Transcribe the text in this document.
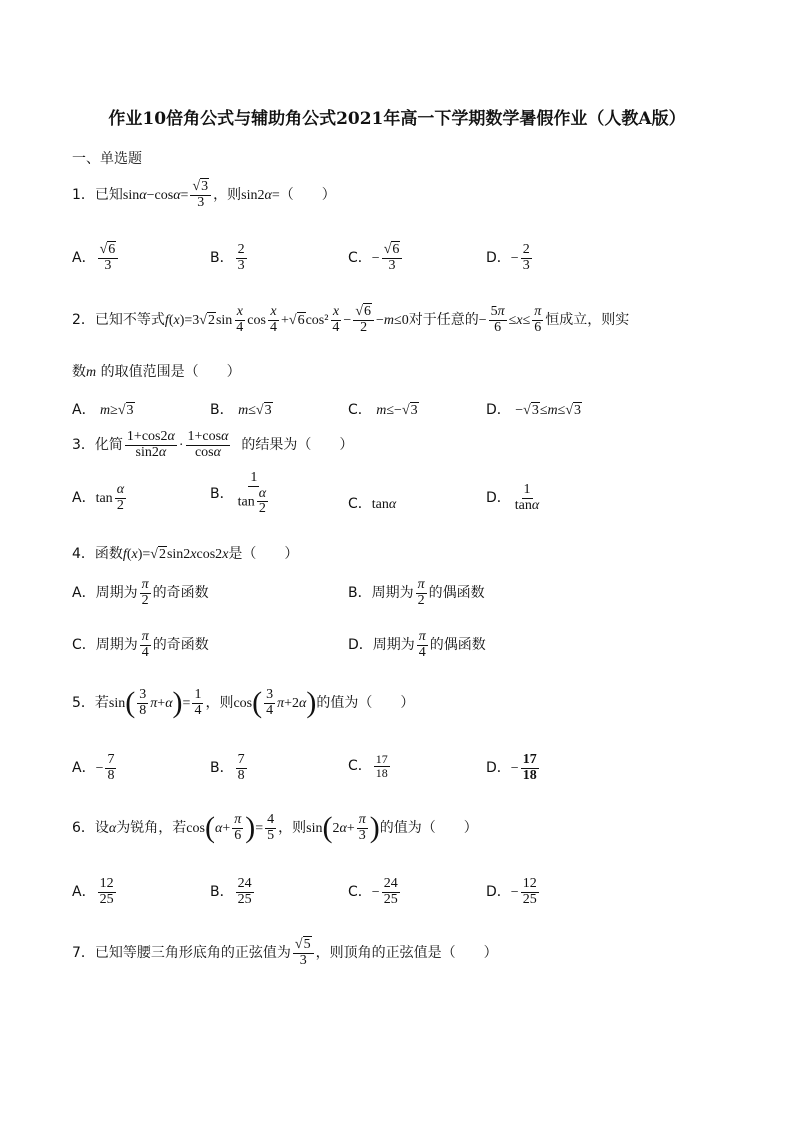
作业10倍角公式与辅助角公式2021年高一下学期数学暑假作业（人教A版）
一、单选题
1．已知$\sin\alpha-\cos\alpha= \frac{√3}{3}$ ，则sin2α=（　　）
A． $\frac{√6}{3}$	B． $\frac{2}{3}$	C．− $\frac{√6}{3}$	D．− $\frac{2}{3}$
2．已知不等式$f(x)=3√2\sin \frac{x}{4}$ $\cos \frac{x}{4} +√6\cos^2 \frac{x}{4} - \frac{√6}{2} -m\le 0$对于任意的− $\frac{5\pi}{6} \le x\le \frac{\pi}{6}$ 恒成立，则实
数m 的取值范围是（　　）
A． m≥√3	B． m≤√3	C． m≤−√3	D． −√3≤m≤√3
3．化简 $\frac{1+\cos 2\alpha}{\sin 2\alpha} \cdot \frac{1+\cos\alpha}{\cos\alpha}$ 的结果为（　　）
A．$\tan \frac{\alpha}{2}$	B． $\frac{1}{\tan \frac{\alpha}{2}}$	C．tanα	D． $\frac{1}{\tan\alpha}$
4．函数f(x)=√2sin2xcos2x是（　　）
A．周期为 $\frac{\pi}{2}$ 的奇函数	B．周期为 $\frac{\pi}{2}$ 的偶函数
C．周期为 $\frac{\pi}{4}$ 的奇函数	D．周期为 $\frac{\pi}{4}$ 的偶函数
5．若$\sin( \frac{3}{8} \pi+\alpha)= \frac{1}{4}$ ，则$\cos( \frac{3}{4} \pi+2\alpha)$的值为（　　）
A．− $\frac{7}{8}$	B． $\frac{7}{8}$	C． $\frac{17}{18}$	D．− $\frac{17}{18}$
6．设α为锐角，若$\cos(\alpha+ \frac{\pi}{6}$ )= $\frac{4}{5}$ ，则$\sin(2\alpha+ \frac{\pi}{3}$ )的值为（　　）
A． $\frac{12}{25}$	B． $\frac{24}{25}$	C．− $\frac{24}{25}$	D．− $\frac{12}{25}$
7．已知等腰三角形底角的正弦值为 $\frac{√5}{3}$ ，则顶角的正弦值是（　　）
